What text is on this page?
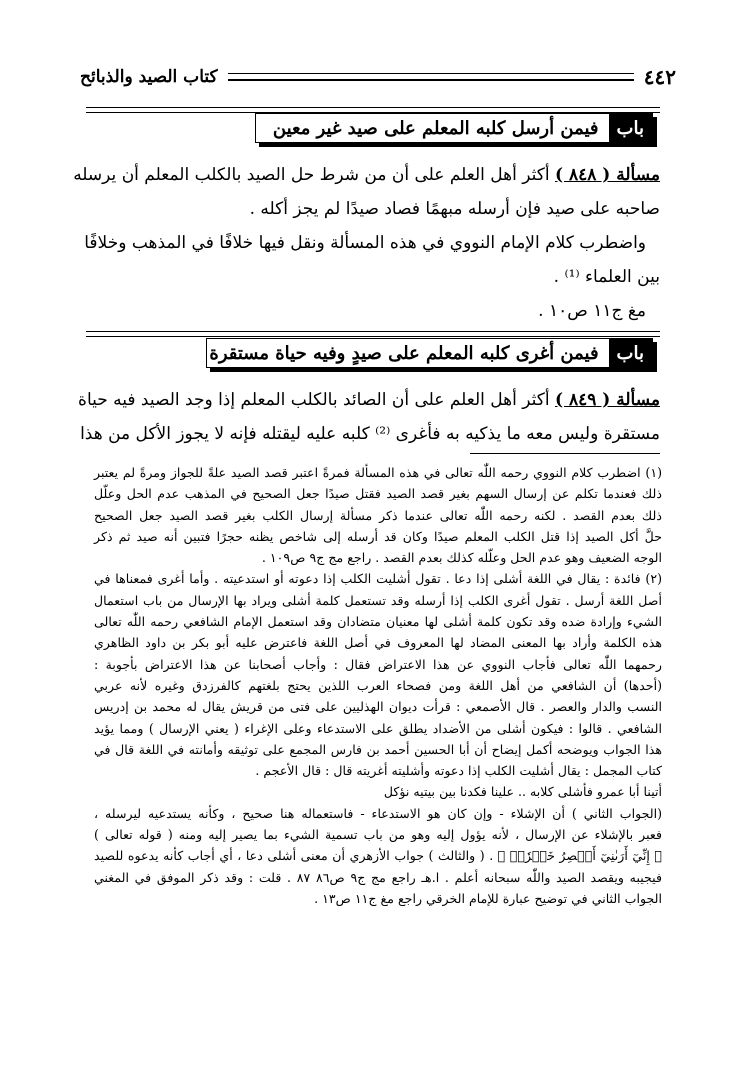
٤٤٢
كتاب الصيد والذبائح
باب
فيمن أرسل كلبه المعلم على صيد غير معين
مسألة ( ٨٤٨ ) أكثر أهل العلم على أن من شرط حل الصيد بالكلب المعلم أن يرسله
صاحبه على صيد فإن أرسله مبهمًا فصاد صيدًا لم يجز أكله .
واضطرب كلام الإمام النووي في هذه المسألة ونقل فيها خلافًا في المذهب وخلافًا
بين العلماء ⁽¹⁾ .
مغ ج١١ ص١٠ .
باب
فيمن أغرى كلبه المعلم على صيدٍ وفيه حياة مستقرة
مسألة ( ٨٤٩ ) أكثر أهل العلم على أن الصائد بالكلب المعلم إذا وجد الصيد فيه حياة
مستقرة وليس معه ما يذكيه به فأغرى ⁽²⁾ كلبه عليه ليقتله فإنه لا يجوز الأكل من هذا
(١) اضطرب كلام النووي رحمه اللّٰه تعالى في هذه المسألة فمرةً اعتبر قصد الصيد علةً للجواز ومرةً لم يعتبر
ذلك فعندما تكلم عن إرسال السهم بغير قصد الصيد فقتل صيدًا جعل الصحيح في المذهب عدم الحل وعلّل
ذلك بعدم القصد . لكنه رحمه اللّٰه تعالى عندما ذكر مسألة إرسال الكلب بغير قصد الصيد جعل الصحيح
حلَّ أكل الصيد إذا قتل الكلب المعلم صيدًا وكان قد أرسله إلى شاخص يظنه حجرًا فتبين أنه صيد ثم ذكر
الوجه الضعيف وهو عدم الحل وعلّله كذلك بعدم القصد . راجع مج ج٩ ص١٠٩ .
(٢) فائدة : يقال في اللغة أشلى إذا دعا . تقول أشليت الكلب إذا دعوته أو استدعيته . وأما أغرى فمعناها في
أصل اللغة أرسل . تقول أغرى الكلب إذا أرسله وقد تستعمل كلمة أشلى ويراد بها الإرسال من باب استعمال
الشيء وإرادة ضده وقد تكون كلمة أشلى لها معنيان متضادان وقد استعمل الإمام الشافعي رحمه اللّٰه تعالى
هذه الكلمة وأراد بها المعنى المضاد لها المعروف في أصل اللغة فاعترض عليه أبو بكر بن داود الظاهري
رحمهما اللّٰه تعالى فأجاب النووي عن هذا الاعتراض فقال : وأجاب أصحابنا عن هذا الاعتراض بأجوبة :
(أحدها) أن الشافعي من أهل اللغة ومن فصحاء العرب اللذين يحتج بلغتهم كالفرزدق وغيره لأنه عربي
النسب والدار والعصر . قال الأصمعي : قرأت ديوان الهذليين على فتى من قريش يقال له محمد بن إدريس
الشافعي . قالوا : فيكون أشلى من الأضداد يطلق على الاستدعاء وعلى الإغراء ( يعني الإرسال ) ومما يؤيد
هذا الجواب ويوضحه أكمل إيضاح أن أبا الحسين أحمد بن فارس المجمع على توثيقه وأمانته في اللغة قال في
كتاب المجمل : يقال أشليت الكلب إذا دعوته وأشليته أغريته قال : قال الأعجم .
أتينا أبا عمرو فأشلى كلابه .. علينا فكدنا بين بيتيه نؤكل
(الجواب الثاني ) أن الإشلاء - وإن كان هو الاستدعاء - فاستعماله هنا صحيح ، وكأنه يستدعيه ليرسله ،
فعبر بالإشلاء عن الإرسال ، لأنه يؤول إليه وهو من باب تسمية الشيء بما يصير إليه ومنه ( قوله تعالى )
﴿ إِنِّيٓ أَرَىٰنِيٓ أَعۡصِرُ خَمۡرٗاۖ ﴾ . ( والثالث ) جواب الأزهري أن معنى أشلى دعا ، أي أجاب كأنه يدعوه للصيد
فيجيبه ويقصد الصيد واللّٰه سبحانه أعلم . ا.هـ راجع مج ج٩ ص٨٦ ٨٧ . قلت : وقد ذكر الموفق في المغني
الجواب الثاني في توضيح عبارة للإمام الخرقي راجع مغ ج١١ ص١٣ .
